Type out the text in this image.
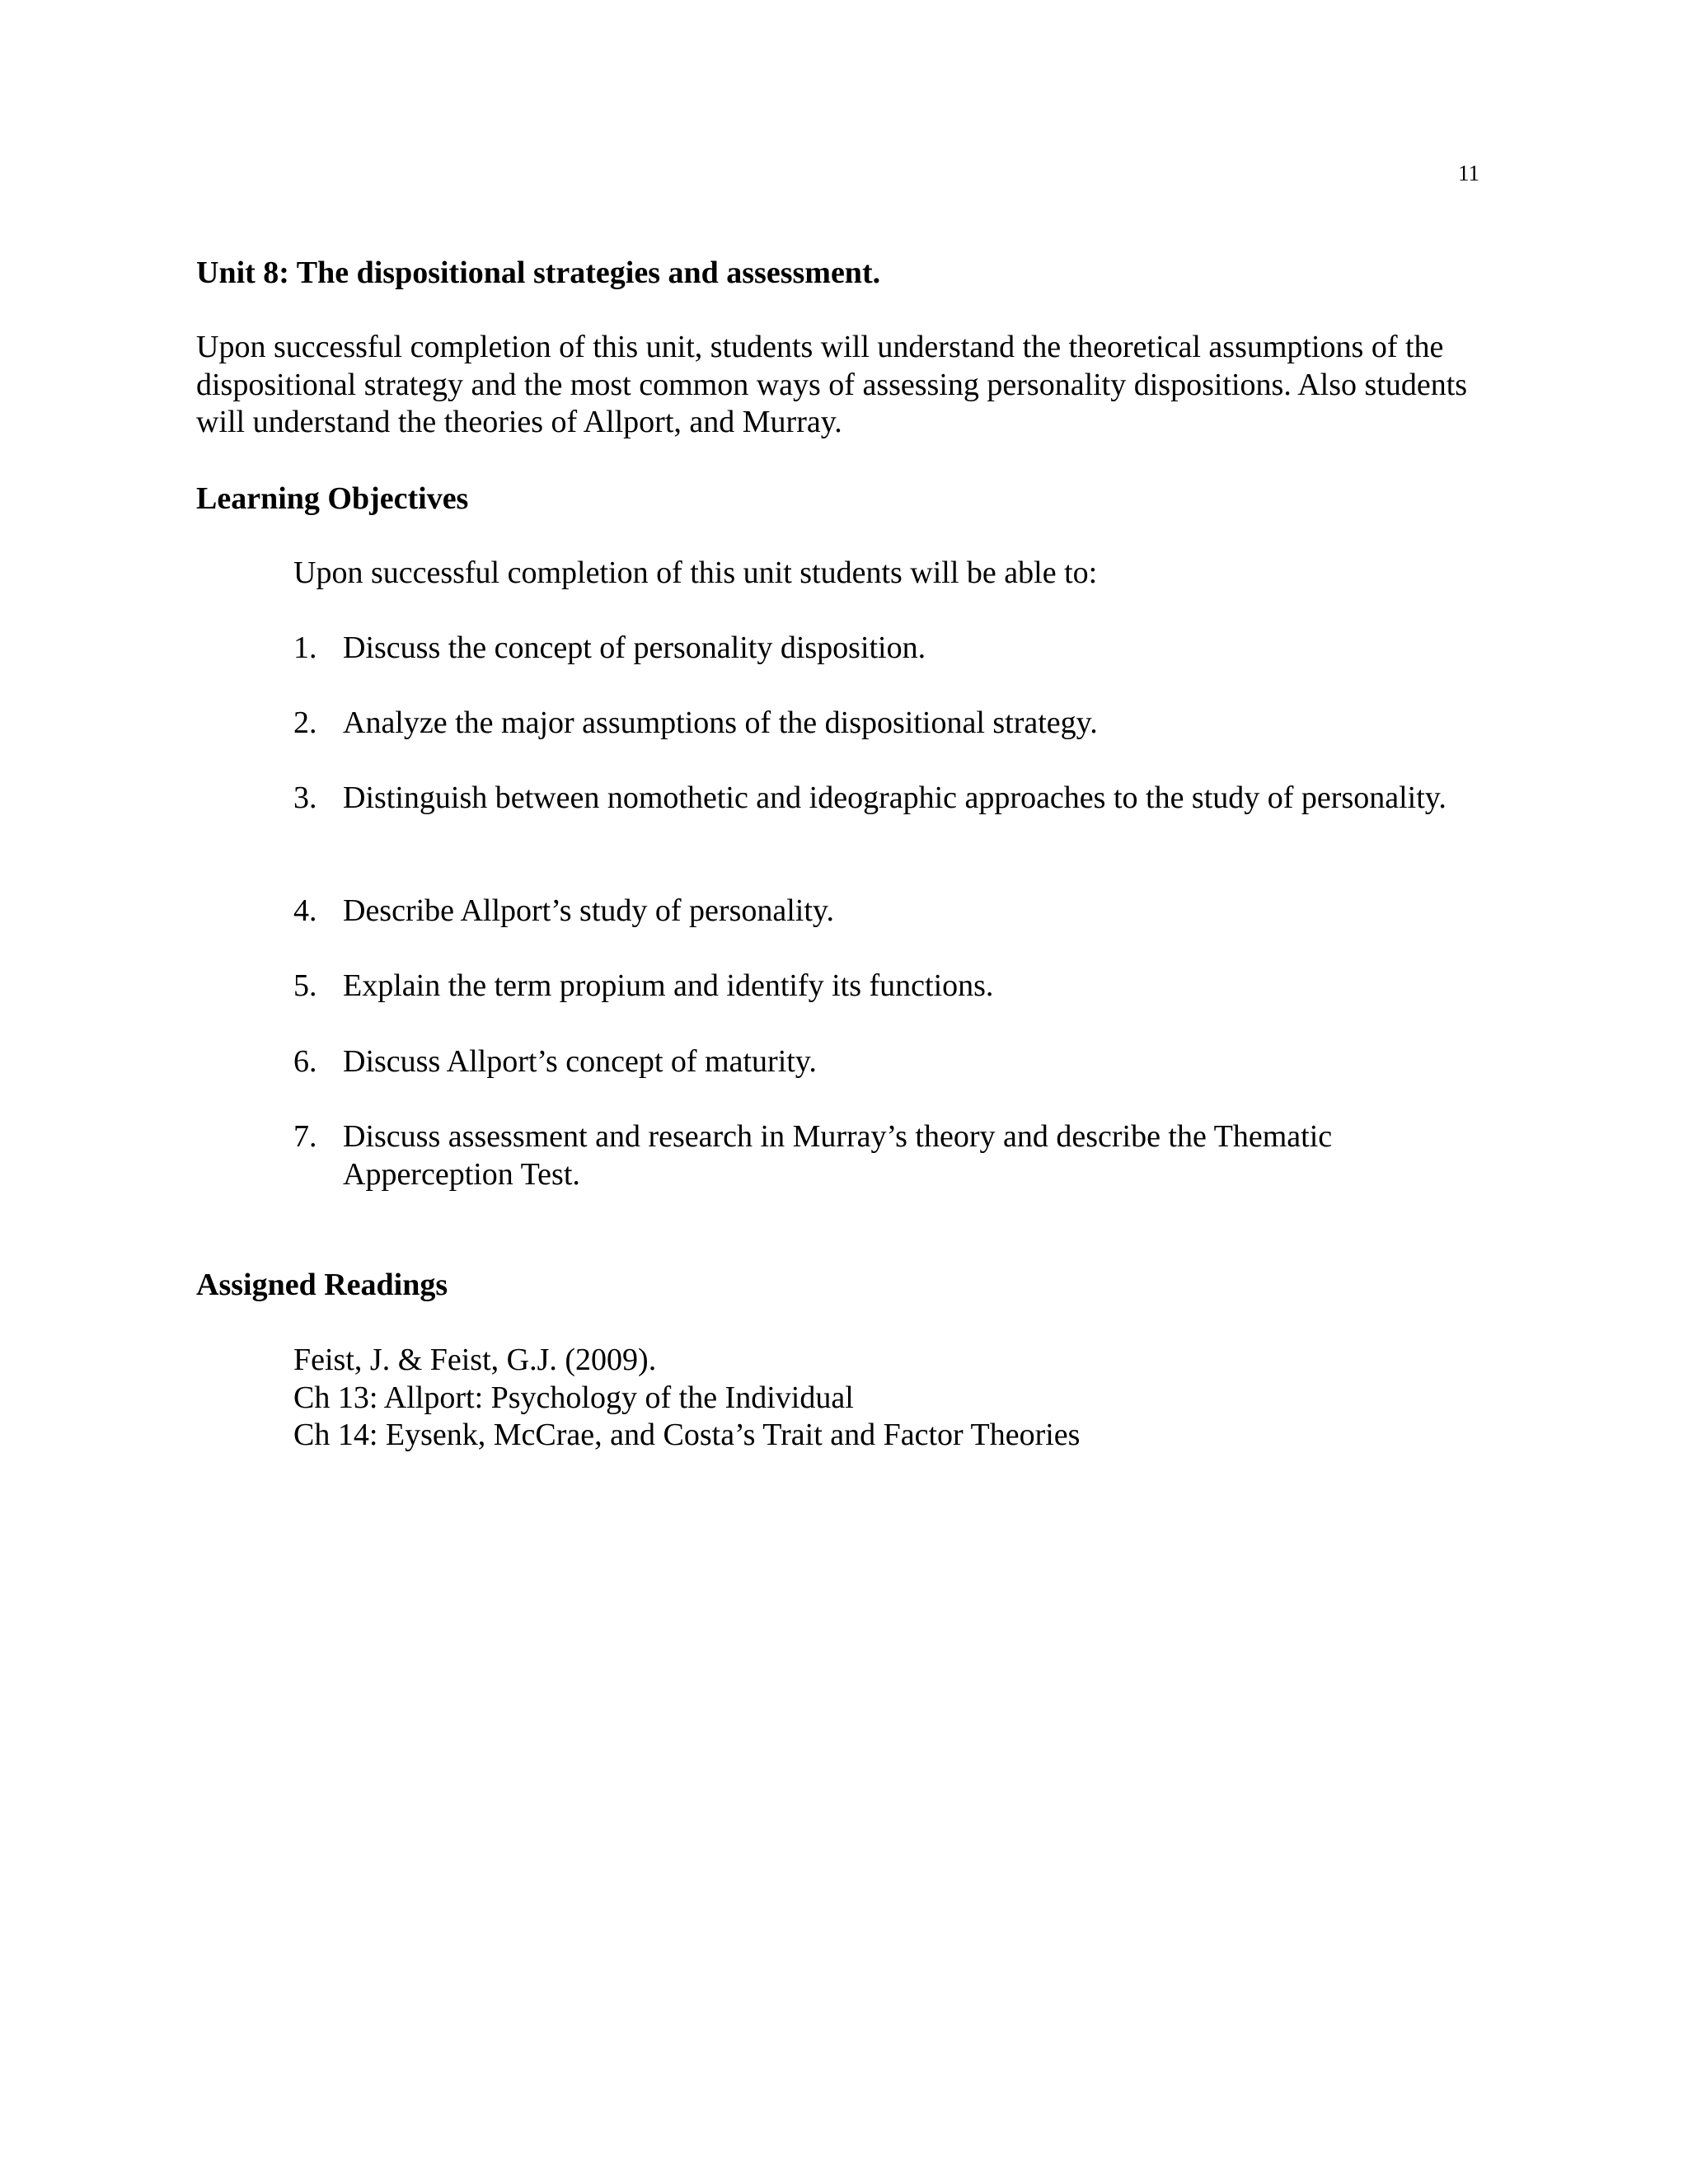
11
Unit 8: The dispositional strategies and assessment.

Upon successful completion of this unit, students will understand the theoretical assumptions of the dispositional strategy and the most common ways of assessing personality dispositions. Also students will understand the theories of Allport, and Murray.

Learning Objectives

Upon successful completion of this unit students will be able to:

1. Discuss the concept of personality disposition.
2. Analyze the major assumptions of the dispositional strategy.
3. Distinguish between nomothetic and ideographic approaches to the study of personality.
4. Describe Allport’s study of personality.
5. Explain the term propium and identify its functions.
6. Discuss Allport’s concept of maturity.
7. Discuss assessment and research in Murray’s theory and describe the Thematic Apperception Test.
Assigned Readings
Feist, J. & Feist, G.J. (2009).
Ch 13: Allport: Psychology of the Individual
Ch 14: Eysenk, McCrae, and Costa’s Trait and Factor Theories
